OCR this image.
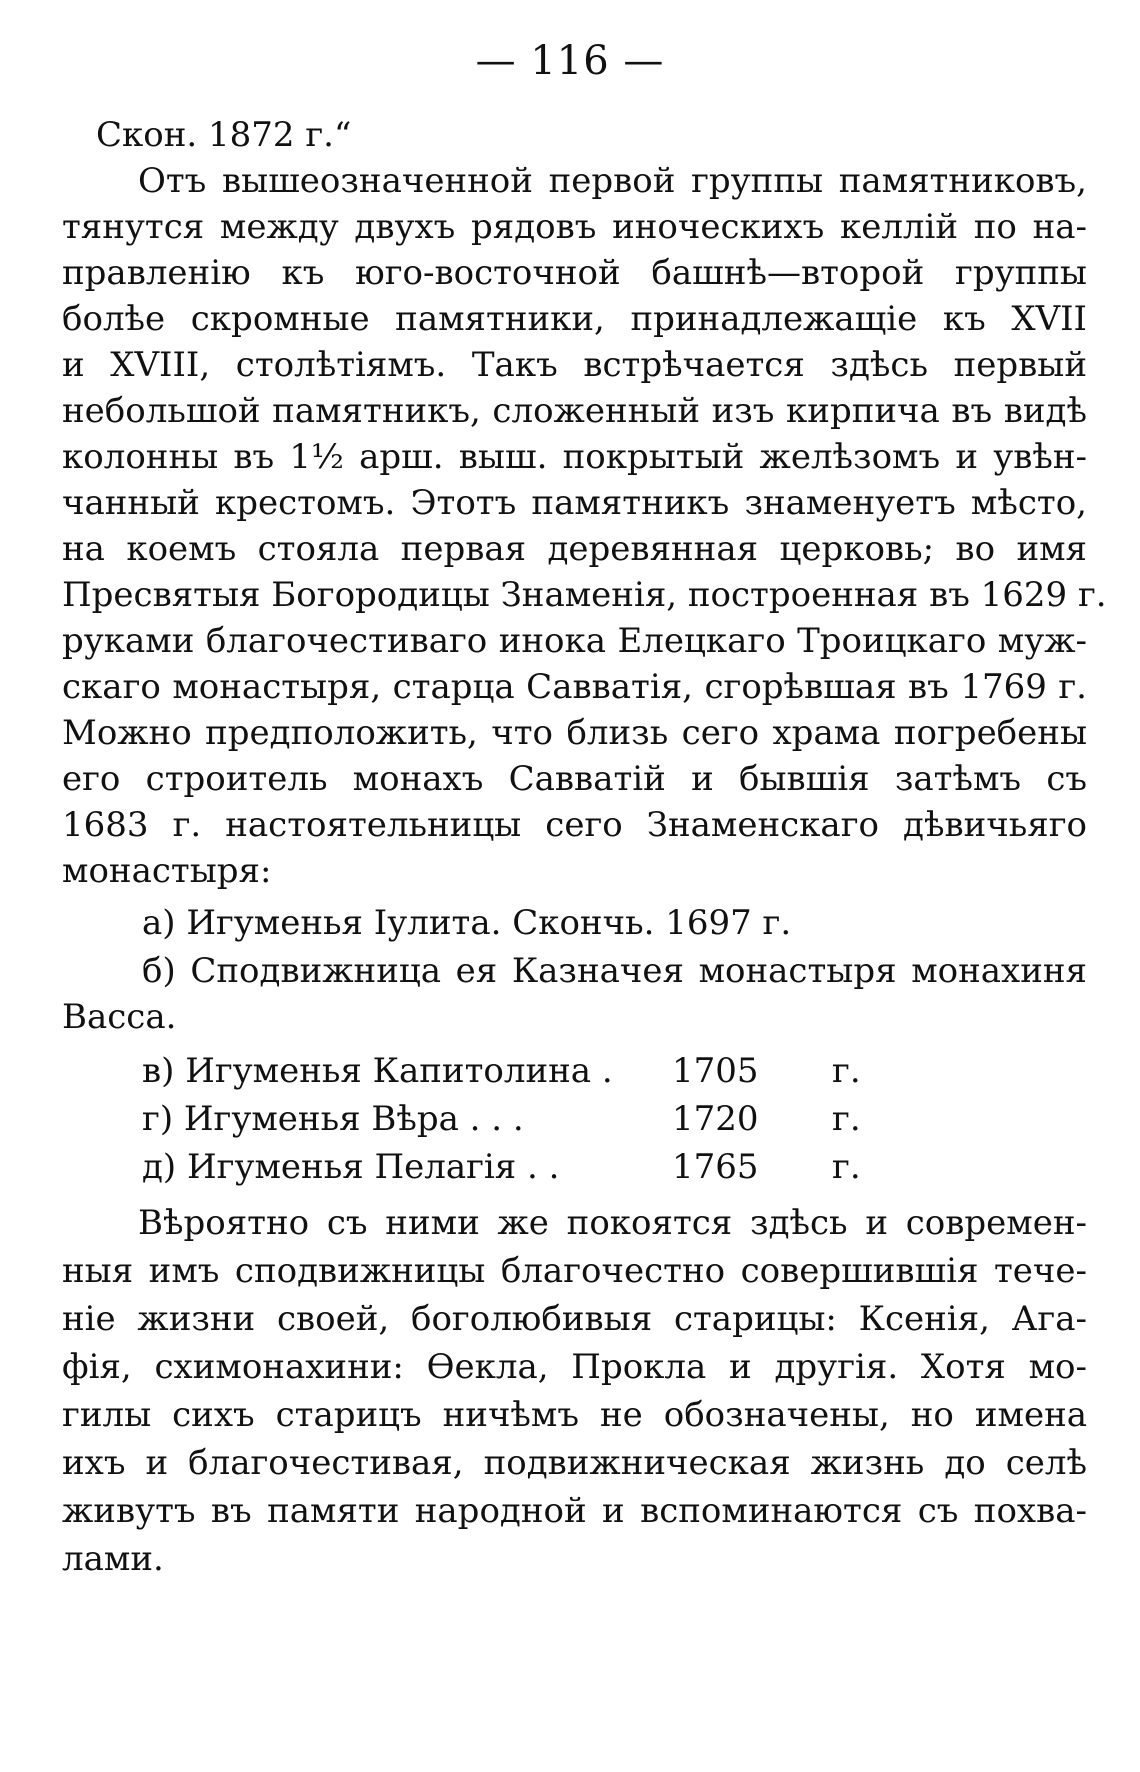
— 116 —
Скон. 1872 г.“
Отъ вышеозначенной первой группы памятниковъ,
тянутся между двухъ рядовъ иноческихъ келлій по на-
правленію къ юго-восточной башнѣ—второй группы
болѣе скромные памятники, принадлежащіе къ XVII
и XVIII, столѣтіямъ. Такъ встрѣчается здѣсь первый
небольшой памятникъ, сложенный изъ кирпича въ видѣ
колонны въ 1½ арш. выш. покрытый желѣзомъ и увѣн-
чанный крестомъ. Этотъ памятникъ знаменуетъ мѣсто,
на коемъ стояла первая деревянная церковь; во имя
Пресвятыя Богородицы Знаменія, построенная въ 1629 г.
руками благочестиваго инока Елецкаго Троицкаго муж-
скаго монастыря, старца Савватія, сгорѣвшая въ 1769 г.
Можно предположить, что близь сего храма погребены
его строитель монахъ Савватій и бывшія затѣмъ съ
1683 г. настоятельницы сего Знаменскаго дѣвичьяго
монастыря:
а) Игуменья Іулита. Скончь. 1697 г.
б) Сподвижница ея Казначея монастыря монахиня
Васса.
в) Игуменья Капитолина . 1705 г.
г) Игуменья Вѣра . . .	1720 г.
д) Игуменья Пелагія . .	1765 г.
Вѣроятно съ ними же покоятся здѣсь и современ-
ныя имъ сподвижницы благочестно совершившія тече-
ніе жизни своей, боголюбивыя старицы: Ксенія, Ага-
фія, схимонахини: Ѳекла, Прокла и другія. Хотя мо-
гилы сихъ старицъ ничѣмъ не обозначены, но имена
ихъ и благочестивая, подвижническая жизнь до селѣ
живутъ въ памяти народной и вспоминаются съ похва-
лами.
